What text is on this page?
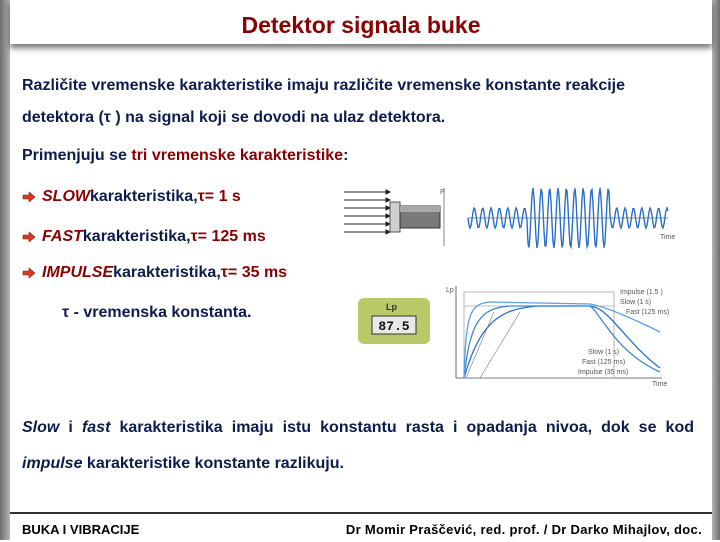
Detektor signala buke

Različite vremenske karakteristike imaju različite vremenske konstante reakcije
detektora (τ ) na signal koji se dovodi na ulaz detektora.

Primenjuju se tri vremenske karakteristike:
SLOW karakteristika, τ = 1 s
FAST karakteristika, τ = 125 ms
IMPULSE karakteristika, τ = 35 ms
τ - vremenska konstanta.
P
Time
Lp
87.5
Lp
Time
Impulse (1.5 )
Slow (1 s)
Fast (125 ms)
Slow (1 s)
Fast (125 ms)
Impulse (35 ms)
Slow i fast karakteristika imaju istu konstantu rasta i opadanja nivoa, dok se kod impulse karakteristike konstante razlikuju.
BUKA I VIBRACIJE	Dr Momir Praščević, red. prof. / Dr Darko Mihajlov, doc.
